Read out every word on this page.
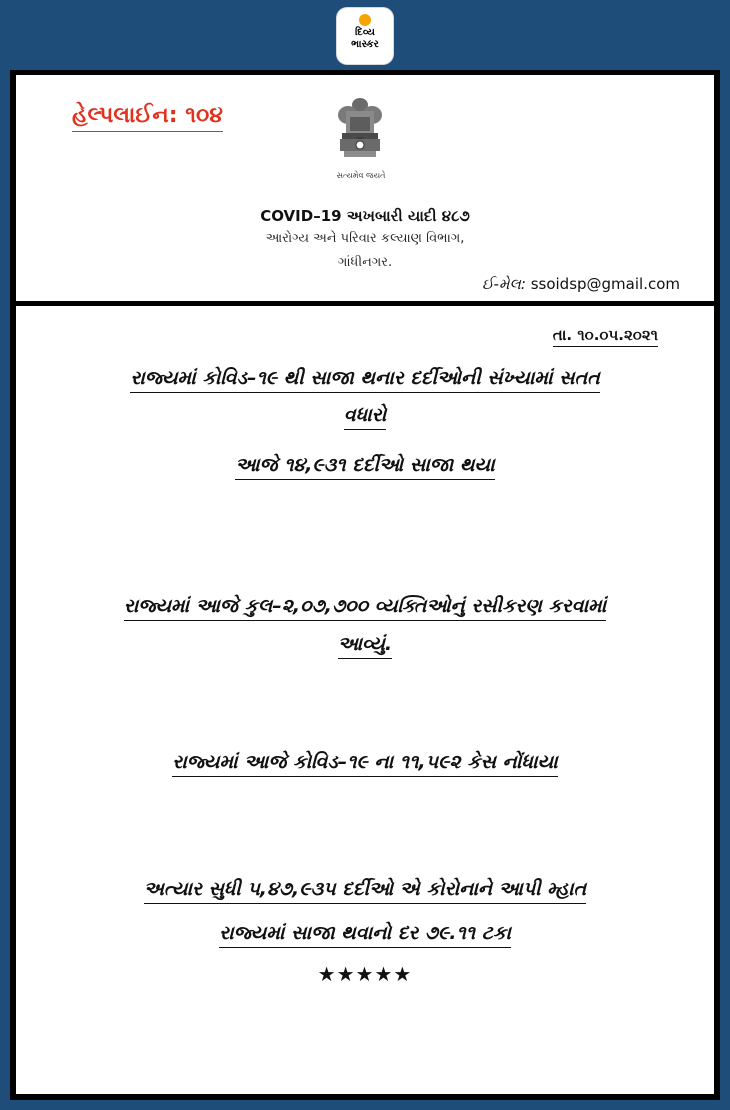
દિવ્ય
ભાસ્કર
હેલ્પલાઈન: ૧૦૪
સત્યમેવ જયતે
COVID–19 અખબારી યાદી ૪૮૭
આરોગ્ય અને પરિવાર કલ્યાણ વિભાગ,
ગાંધીનગર.
ઈ-મેલ: ssoidsp@gmail.com
તા. ૧૦.૦૫.૨૦૨૧
રાજ્યમાં કોવિડ–૧૯ થી સાજા થનાર દર્દીઓની સંખ્યામાં સતત
વધારો
આજે ૧૪,૯૩૧ દર્દીઓ સાજા થયા
રાજ્યમાં આજે કુલ–૨,૦૭,૭૦૦ વ્યક્તિઓનું રસીકરણ કરવામાં
આવ્યું.
રાજ્યમાં આજે કોવિડ–૧૯ ના ૧૧,૫૯૨ કેસ નોંધાયા
અત્યાર સુધી ૫,૪૭,૯૩૫ દર્દીઓ એ કોરોનાને આપી મ્હાત
રાજ્યમાં સાજા થવાનો દર ૭૯.૧૧ ટકા
★★★★★
